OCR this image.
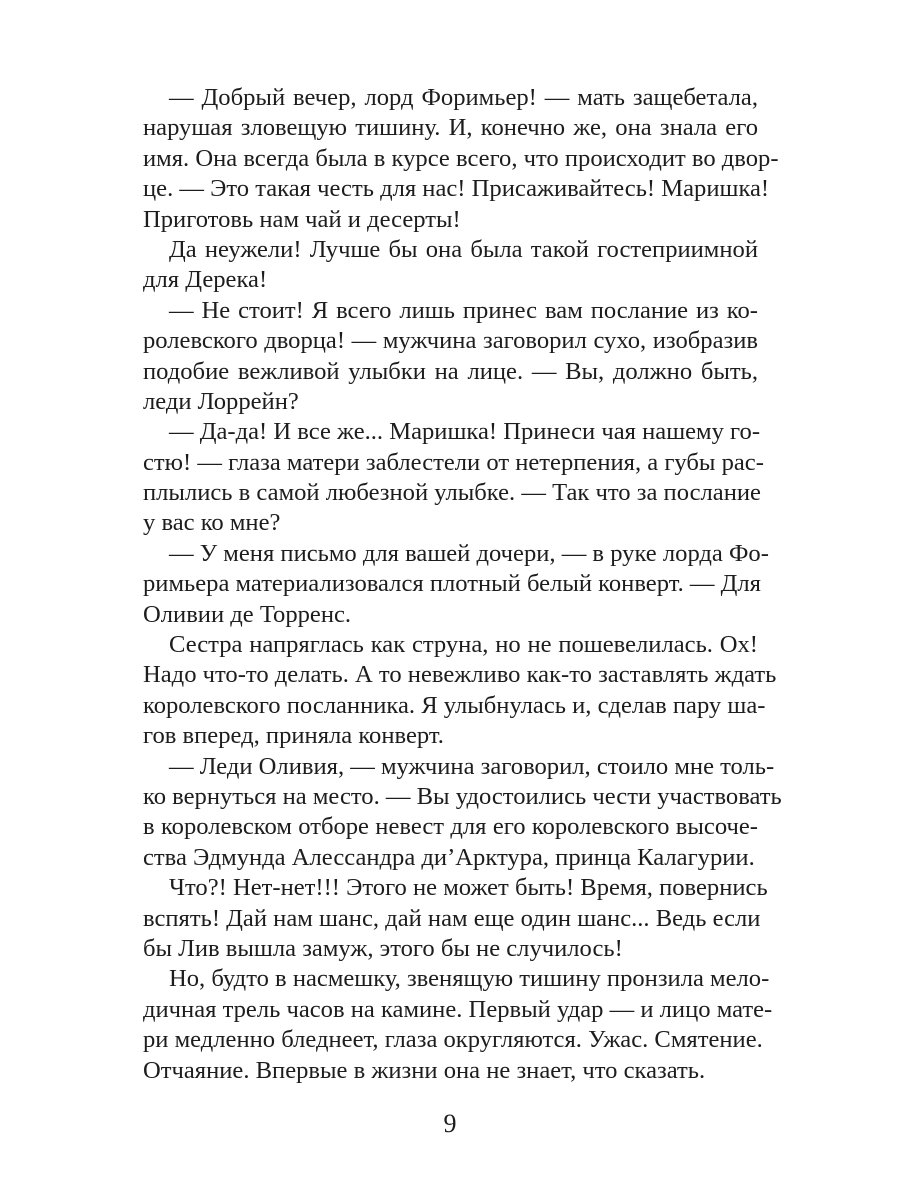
— Добрый вечер, лорд Форимьер! — мать защебетала,
нарушая зловещую тишину. И, конечно же, она знала его
имя. Она всегда была в курсе всего, что происходит во двор-
це. — Это такая честь для нас! Присаживайтесь! Маришка!
Приготовь нам чай и десерты!
Да неужели! Лучше бы она была такой гостеприимной
для Дерека!
— Не стоит! Я всего лишь принес вам послание из ко-
ролевского дворца! — мужчина заговорил сухо, изобразив
подобие вежливой улыбки на лице. — Вы, должно быть,
леди Лоррейн?
— Да-да! И все же... Маришка! Принеси чая нашему го-
стю! — глаза матери заблестели от нетерпения, а губы рас-
плылись в самой любезной улыбке. — Так что за послание
у вас ко мне?
— У меня письмо для вашей дочери, — в руке лорда Фо-
римьера материализовался плотный белый конверт. — Для
Оливии де Торренс.
Сестра напряглась как струна, но не пошевелилась. Ох!
Надо что-то делать. А то невежливо как-то заставлять ждать
королевского посланника. Я улыбнулась и, сделав пару ша-
гов вперед, приняла конверт.
— Леди Оливия, — мужчина заговорил, стоило мне толь-
ко вернуться на место. — Вы удостоились чести участвовать
в королевском отборе невест для его королевского высоче-
ства Эдмунда Алессандра ди’Арктура, принца Калагурии.
Что?! Нет-нет!!! Этого не может быть! Время, повернись
вспять! Дай нам шанс, дай нам еще один шанс... Ведь если
бы Лив вышла замуж, этого бы не случилось!
Но, будто в насмешку, звенящую тишину пронзила мело-
дичная трель часов на камине. Первый удар — и лицо мате-
ри медленно бледнеет, глаза округляются. Ужас. Смятение.
Отчаяние. Впервые в жизни она не знает, что сказать.
9
